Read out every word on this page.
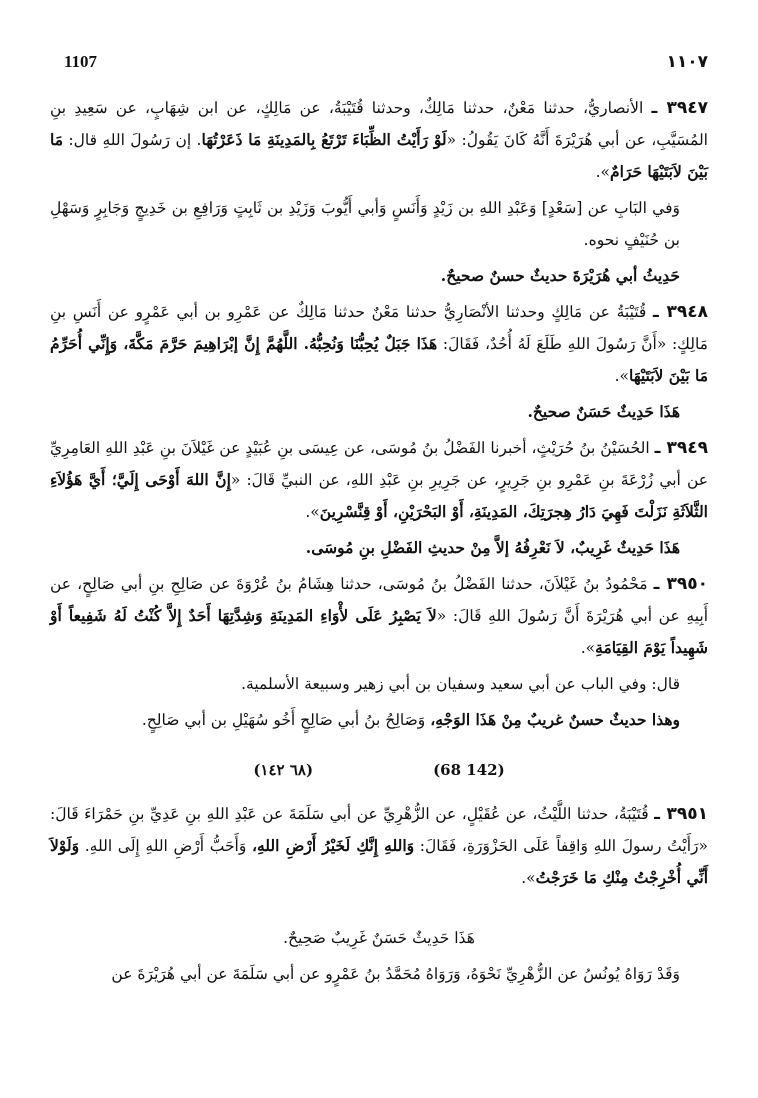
1107	١١٠٧

٣٩٤٧ ـ الأنصاريُّ، حدثنا مَعْنٌ، حدثنا مَالِكٌ، وحدثنا قُتَيْبَةُ، عن مَالِكٍ، عن ابن شِهَابٍ، عن سَعِيدِ بنِ المُسَيَّبِ، عن أبي هُرَيْرَةَ أَنَّهُ كَانَ يَقُولُ: «لَوْ رَأَيْتُ الظِّبَاءَ تَرْتَعُ بِالمَدِينَةِ مَا ذَعَرْتُهَا. إن رَسُولَ اللهِ قال: مَا بَيْنَ لاَبَتَيْهَا حَرَامٌ».

وَفي البَابِ عن [سَعْدٍ] وَعَبْدِ اللهِ بن زَيْدٍ وَأَنَسٍ وَأبي أَيُّوبَ وَزَيْدِ بن ثَابِتٍ وَرَافِعِ بن خَدِيجٍ وَجَابِرٍ وَسَهْلِ بن حُنَيْفٍ نحوه.

حَدِيثُ أبي هُرَيْرَةَ حديثٌ حسنٌ صحيحٌ.

٣٩٤٨ ـ قُتَيْبَةُ عن مَالِكٍ وحدثنا الأنْصَارِيُّ حدثنا مَعْنٌ حدثنا مَالِكٌ عن عَمْرِو بن أبي عَمْرٍو عن أَنَسِ بنِ مَالِكٍ: «أَنَّ رَسُولَ اللهِ طَلَعَ لَهُ أُحُدٌ، فَقَالَ: هَذَا جَبَلٌ يُحِبُّنَا وَنُحِبُّهُ. اللَّهُمَّ إِنَّ إبْرَاهِيمَ حَرَّمَ مَكَّةَ، وَإِنِّي أُحَرِّمُ مَا بَيْنَ لاَبَتَيْهَا».

هَذَا حَدِيثٌ حَسَنٌ صحيحٌ.

٣٩٤٩ ـ الحُسَيْنُ بنُ حُرَيْثٍ، أخبرنا الفَضْلُ بنُ مُوسَى، عن عِيسَى بنِ عُبَيْدٍ عن غَيْلاَنَ بنِ عَبْدِ اللهِ العَامِرِيِّ عن أبي زُرْعَةَ بنِ عَمْرِو بنِ جَرِيرٍ، عن جَرِيرِ بنِ عَبْدِ اللهِ، عن النبيِّ قَالَ: «إِنَّ اللهَ أَوْحَى إِلَيَّ؛ أَيَّ هَؤُلاَءِ الثَّلاَثَةِ نَزَلْتَ فَهِيَ دَارُ هِجرَتِكَ، المَدِينَةِ، أَوْ البَحْرَيْنِ، أَوْ قِنَّسْرِينَ».

هَذَا حَدِيثٌ غَرِيبٌ، لاَ نَعْرِفُهُ إلاَّ مِنْ حديثِ الفَضْلِ بنِ مُوسَى.

٣٩٥٠ ـ مَحْمُودُ بنُ غَيْلاَنَ، حدثنا الفَضْلُ بنُ مُوسَى، حدثنا هِشَامُ بنُ عُرْوَةَ عن صَالِحِ بنِ أبي صَالِحٍ، عن أَبِيهِ عن أبي هُرَيْرَةَ أَنَّ رَسُولَ اللهِ قَالَ: «لاَ يَصْبِرُ عَلَى لأْوَاءِ المَدِينَةِ وَشِدَّتِهَا أَحَدٌ إِلاَّ كُنْتُ لَهُ شَفِيعاً أَوْ شَهِيداً يَوْمَ القِيَامَةِ».

قال: وفي الباب عن أبي سعيد وسفيان بن أبي زهير وسبيعة الأسلمية.

وهذا حديثٌ حسنٌ غريبٌ مِنْ هَذَا الوَجْهِ، وَصَالِحُ بنُ أبي صَالِحٍ أَخُو سُهَيْلِ بن أبي صَالِحٍ.

(٦٨ ١٤٢)	(68 142)

٣٩٥١ ـ قُتَيْبَةُ، حدثنا اللَّيْثُ، عن عُقَيْلٍ، عن الزُّهْرِيِّ عن أبي سَلَمَةَ عن عَبْدِ اللهِ بنِ عَدِيِّ بنِ حَمْرَاءَ قَالَ: «رَأَيْتُ رسولَ اللهِ وَاقِفاً عَلَى الحَزْوَرَةِ، فَقَالَ: وَاللهِ إِنَّكِ لَخَيْرُ أَرْضِ اللهِ، وَأَحَبُّ أَرْضِ اللهِ إِلَى اللهِ. وَلَوْلاَ أَنِّي أُخْرِجْتُ مِنْكِ مَا خَرَجْتُ».

هَذَا حَدِيثٌ حَسَنٌ غَرِيبٌ صَحِيحٌ.

وَقَدْ رَوَاهُ يُونُسُ عن الزُّهْرِيِّ نَحْوَهُ، وَرَوَاهُ مُحَمَّدُ بنُ عَمْرٍو عن أبي سَلَمَةَ عن أبي هُرَيْرَةَ عن
